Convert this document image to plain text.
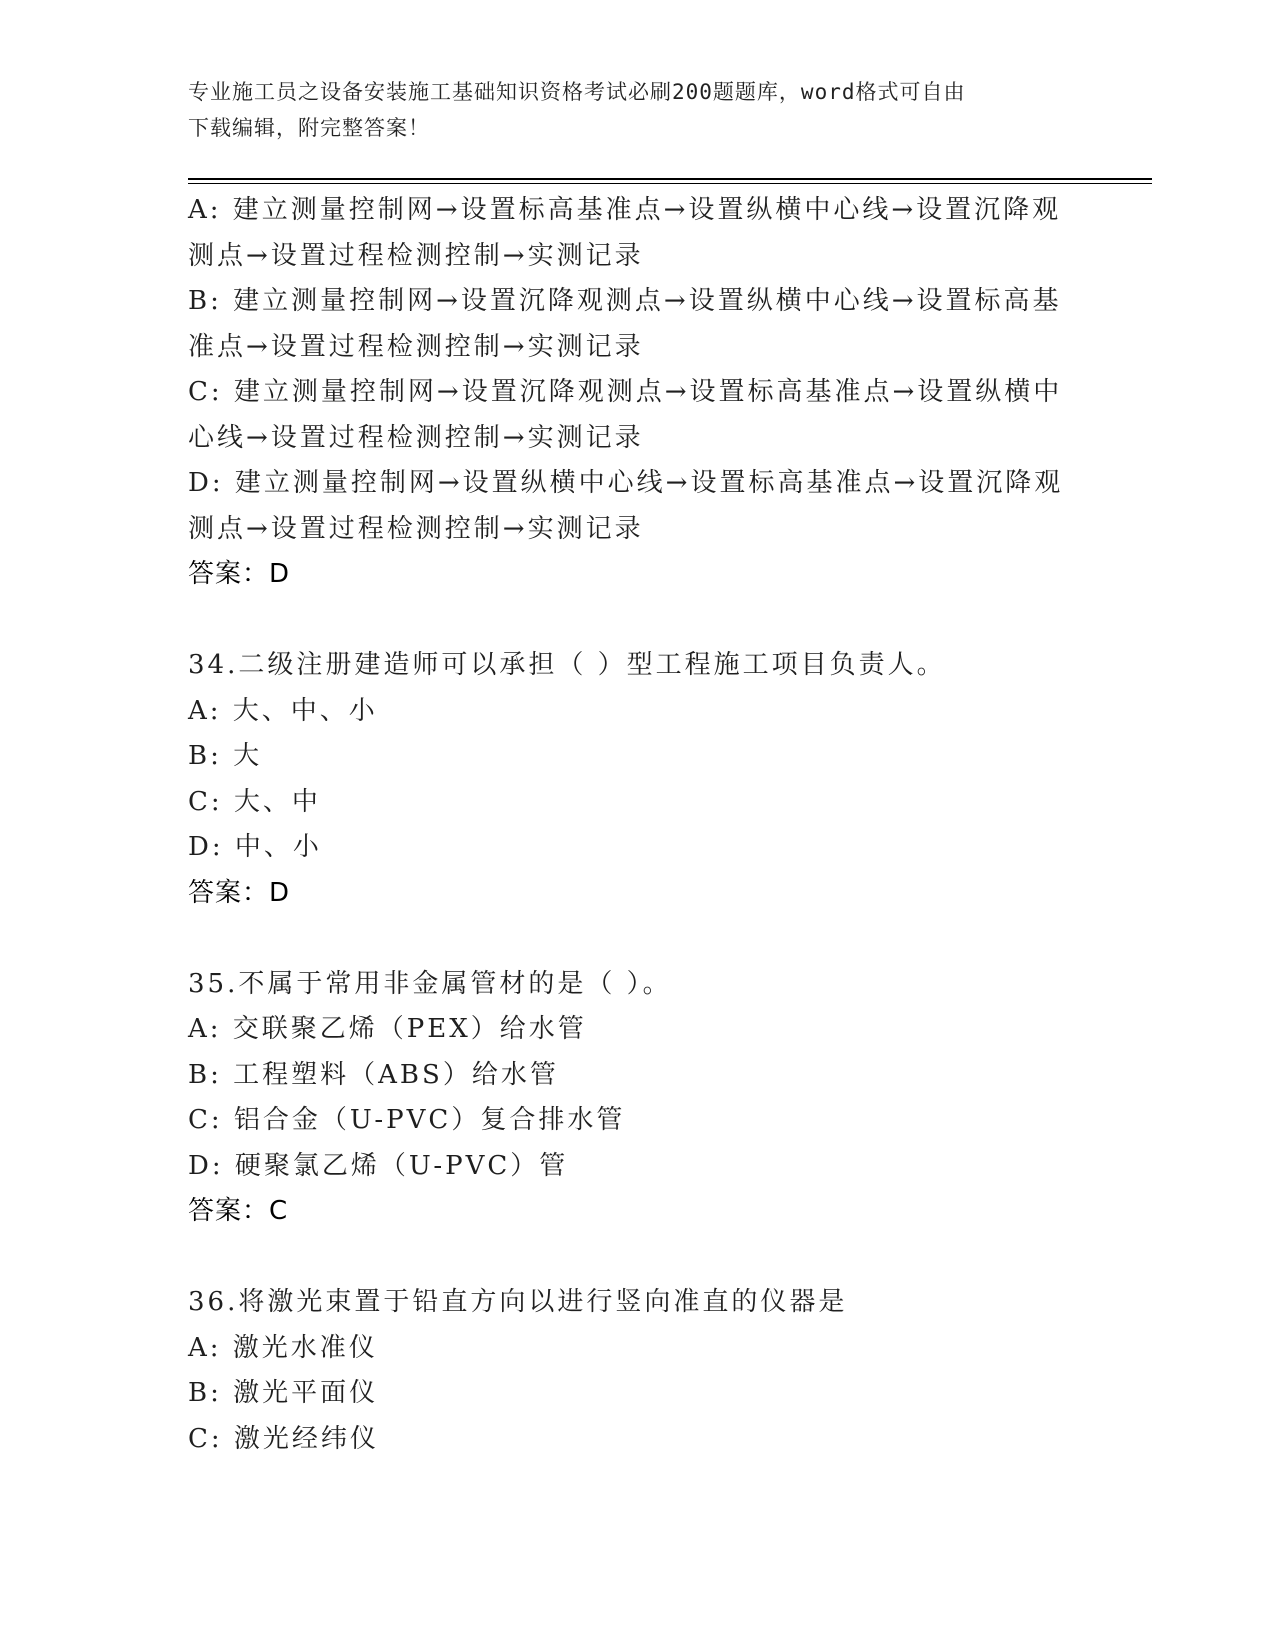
专业施工员之设备安装施工基础知识资格考试必刷200题题库，word格式可自由
下载编辑，附完整答案！
A: 建立测量控制网→设置标高基准点→设置纵横中心线→设置沉降观
测点→设置过程检测控制→实测记录
B: 建立测量控制网→设置沉降观测点→设置纵横中心线→设置标高基
准点→设置过程检测控制→实测记录
C: 建立测量控制网→设置沉降观测点→设置标高基准点→设置纵横中
心线→设置过程检测控制→实测记录
D: 建立测量控制网→设置纵横中心线→设置标高基准点→设置沉降观
测点→设置过程检测控制→实测记录
答案：D
34.二级注册建造师可以承担（ ）型工程施工项目负责人。
A: 大、中、小
B: 大
C: 大、中
D: 中、小
答案：D
35.不属于常用非金属管材的是（ ）。
A: 交联聚乙烯（PEX）给水管
B: 工程塑料（ABS）给水管
C: 铝合金（U-PVC）复合排水管
D: 硬聚氯乙烯（U-PVC）管
答案：C
36.将激光束置于铅直方向以进行竖向准直的仪器是
A: 激光水准仪
B: 激光平面仪
C: 激光经纬仪
